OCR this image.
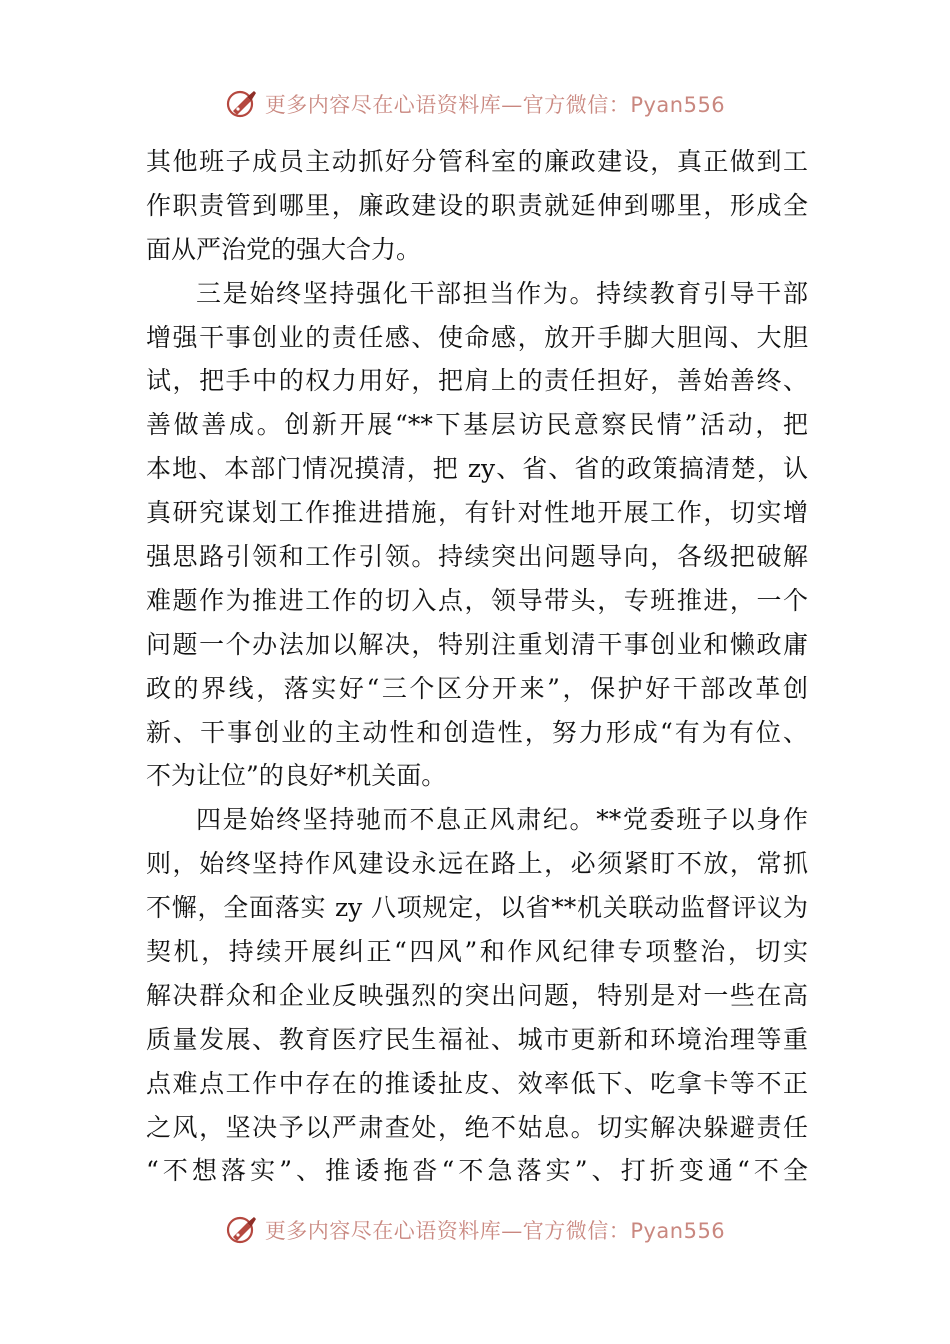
更多内容尽在心语资料库—官方微信：Pyan556
其他班子成员主动抓好分管科室的廉政建设，真正做到工
作职责管到哪里，廉政建设的职责就延伸到哪里，形成全
面从严治党的强大合力。
三是始终坚持强化干部担当作为。持续教育引导干部
增强干事创业的责任感、使命感，放开手脚大胆闯、大胆
试，把手中的权力用好，把肩上的责任担好，善始善终、
善做善成。创新开展“**下基层访民意察民情”活动，把
本地、本部门情况摸清，把 zy、省、省的政策搞清楚，认
真研究谋划工作推进措施，有针对性地开展工作，切实增
强思路引领和工作引领。持续突出问题导向，各级把破解
难题作为推进工作的切入点，领导带头，专班推进，一个
问题一个办法加以解决，特别注重划清干事创业和懒政庸
政的界线，落实好“三个区分开来”，保护好干部改革创
新、干事创业的主动性和创造性，努力形成“有为有位、
不为让位”的良好*机关面。
四是始终坚持驰而不息正风肃纪。**党委班子以身作
则，始终坚持作风建设永远在路上，必须紧盯不放，常抓
不懈，全面落实 zy 八项规定，以省**机关联动监督评议为
契机，持续开展纠正“四风”和作风纪律专项整治，切实
解决群众和企业反映强烈的突出问题，特别是对一些在高
质量发展、教育医疗民生福祉、城市更新和环境治理等重
点难点工作中存在的推诿扯皮、效率低下、吃拿卡等不正
之风，坚决予以严肃查处，绝不姑息。切实解决躲避责任
“不想落实”、推诿拖沓“不急落实”、打折变通“不全
更多内容尽在心语资料库—官方微信：Pyan556
